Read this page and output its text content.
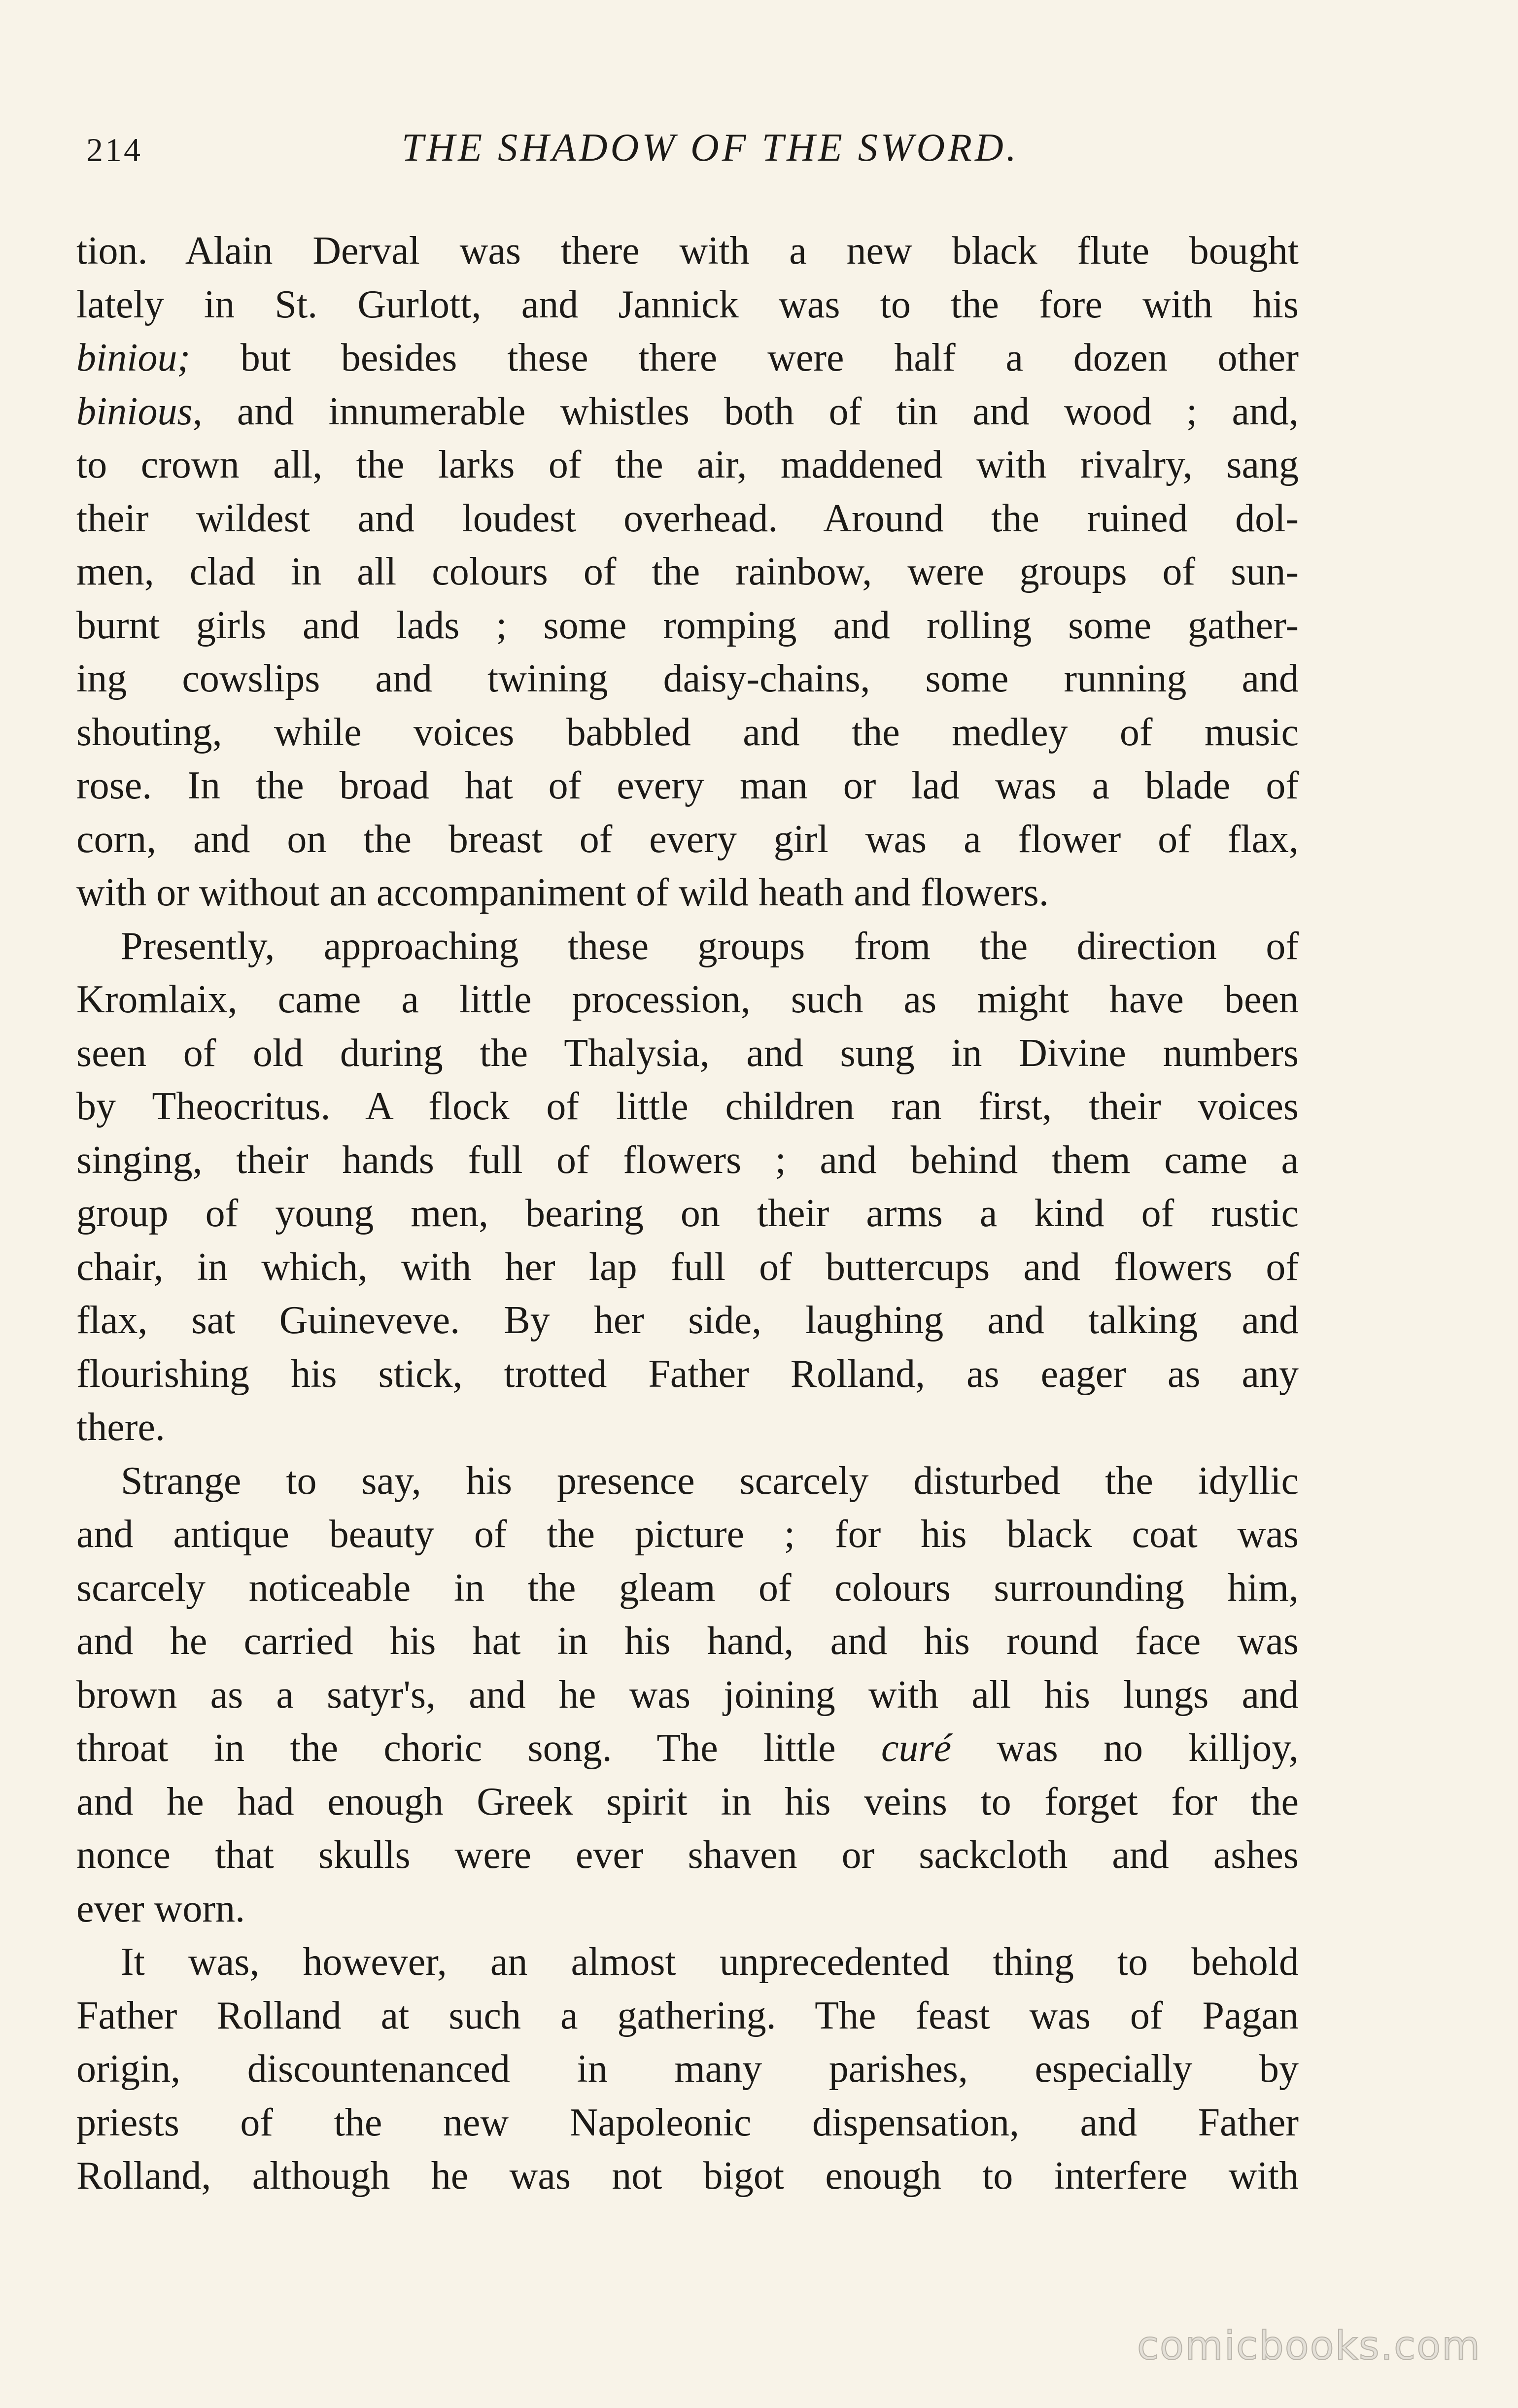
214	THE SHADOW OF THE SWORD.
tion. Alain Derval was there with a new black flute bought
lately in St. Gurlott, and Jannick was to the fore with his
biniou; but besides these there were half a dozen other
binious, and innumerable whistles both of tin and wood ; and,
to crown all, the larks of the air, maddened with rivalry, sang
their wildest and loudest overhead. Around the ruined dol-
men, clad in all colours of the rainbow, were groups of sun-
burnt girls and lads ; some romping and rolling some gather-
ing cowslips and twining daisy-chains, some running and
shouting, while voices babbled and the medley of music
rose. In the broad hat of every man or lad was a blade of
corn, and on the breast of every girl was a flower of flax,
with or without an accompaniment of wild heath and flowers.
Presently, approaching these groups from the direction of
Kromlaix, came a little procession, such as might have been
seen of old during the Thalysia, and sung in Divine numbers
by Theocritus. A flock of little children ran first, their voices
singing, their hands full of flowers ; and behind them came a
group of young men, bearing on their arms a kind of rustic
chair, in which, with her lap full of buttercups and flowers of
flax, sat Guineveve. By her side, laughing and talking and
flourishing his stick, trotted Father Rolland, as eager as any
there.
Strange to say, his presence scarcely disturbed the idyllic
and antique beauty of the picture ; for his black coat was
scarcely noticeable in the gleam of colours surrounding him,
and he carried his hat in his hand, and his round face was
brown as a satyr's, and he was joining with all his lungs and
throat in the choric song. The little curé was no killjoy,
and he had enough Greek spirit in his veins to forget for the
nonce that skulls were ever shaven or sackcloth and ashes
ever worn.
It was, however, an almost unprecedented thing to behold
Father Rolland at such a gathering. The feast was of Pagan
origin, discountenanced in many parishes, especially by
priests of the new Napoleonic dispensation, and Father
Rolland, although he was not bigot enough to interfere with
comicbooks.com
